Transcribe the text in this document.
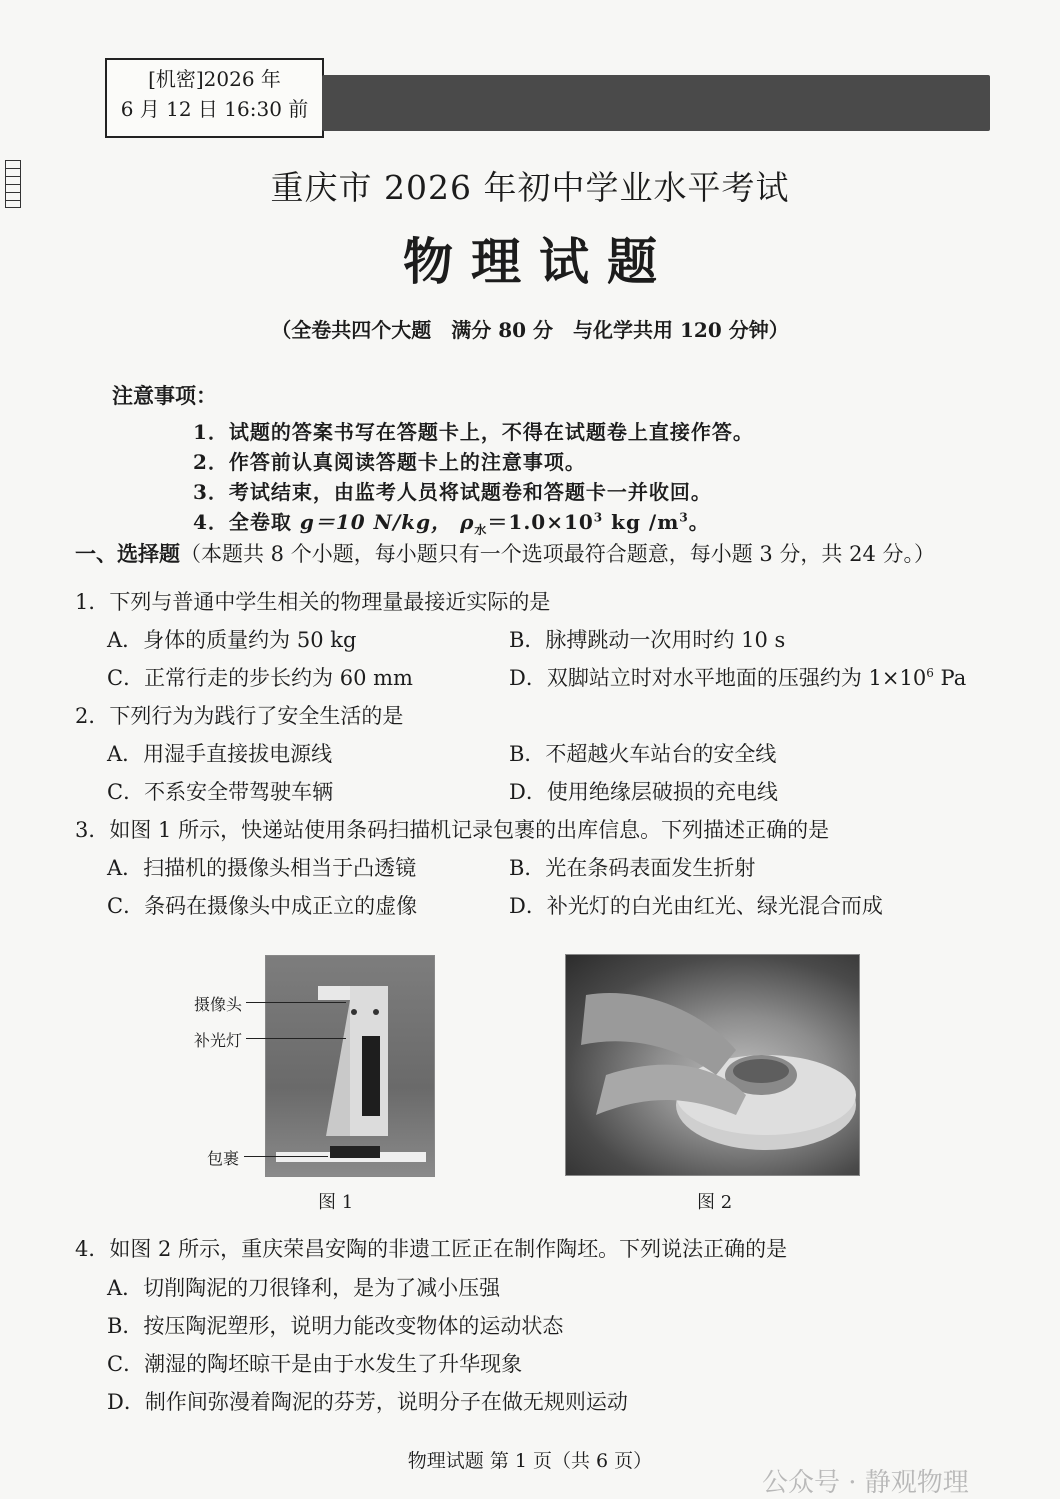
[机密]2026 年
6 月 12 日 16:30 前
重庆市 2026 年初中学业水平考试
物理试题
（全卷共四个大题　满分 80 分　与化学共用 120 分钟）
注意事项：
1．试题的答案书写在答题卡上，不得在试题卷上直接作答。
2．作答前认真阅读答题卡上的注意事项。
3．考试结束，由监考人员将试题卷和答题卡一并收回。
4．全卷取 g＝10 N/kg， $\rho_水=1.0\times 10^3$ kg $/m^3$。
一、选择题（本题共 8 个小题，每小题只有一个选项最符合题意，每小题 3 分，共 24 分。）
1．下列与普通中学生相关的物理量最接近实际的是
A．身体的质量约为 50 kg	B．脉搏跳动一次用时约 10 s
C．正常行走的步长约为 60 mm	D．双脚站立时对水平地面的压强约为 $1\times 10^6$ Pa
2．下列行为为践行了安全生活的是
A．用湿手直接拔电源线	B．不超越火车站台的安全线
C．不系安全带驾驶车辆	D．使用绝缘层破损的充电线
3．如图 1 所示，快递站使用条码扫描机记录包裹的出库信息。下列描述正确的是
A．扫描机的摄像头相当于凸透镜	B．光在条码表面发生折射
C．条码在摄像头中成正立的虚像	D．补光灯的白光由红光、绿光混合而成
摄像头
补光灯
包裹
图 1	图 2
4．如图 2 所示，重庆荣昌安陶的非遗工匠正在制作陶坯。下列说法正确的是
A．切削陶泥的刀很锋利，是为了减小压强
B．按压陶泥塑形，说明力能改变物体的运动状态
C．潮湿的陶坯晾干是由于水发生了升华现象
D．制作间弥漫着陶泥的芬芳，说明分子在做无规则运动
物理试题 第 1 页（共 6 页）
公众号 · 静观物理
